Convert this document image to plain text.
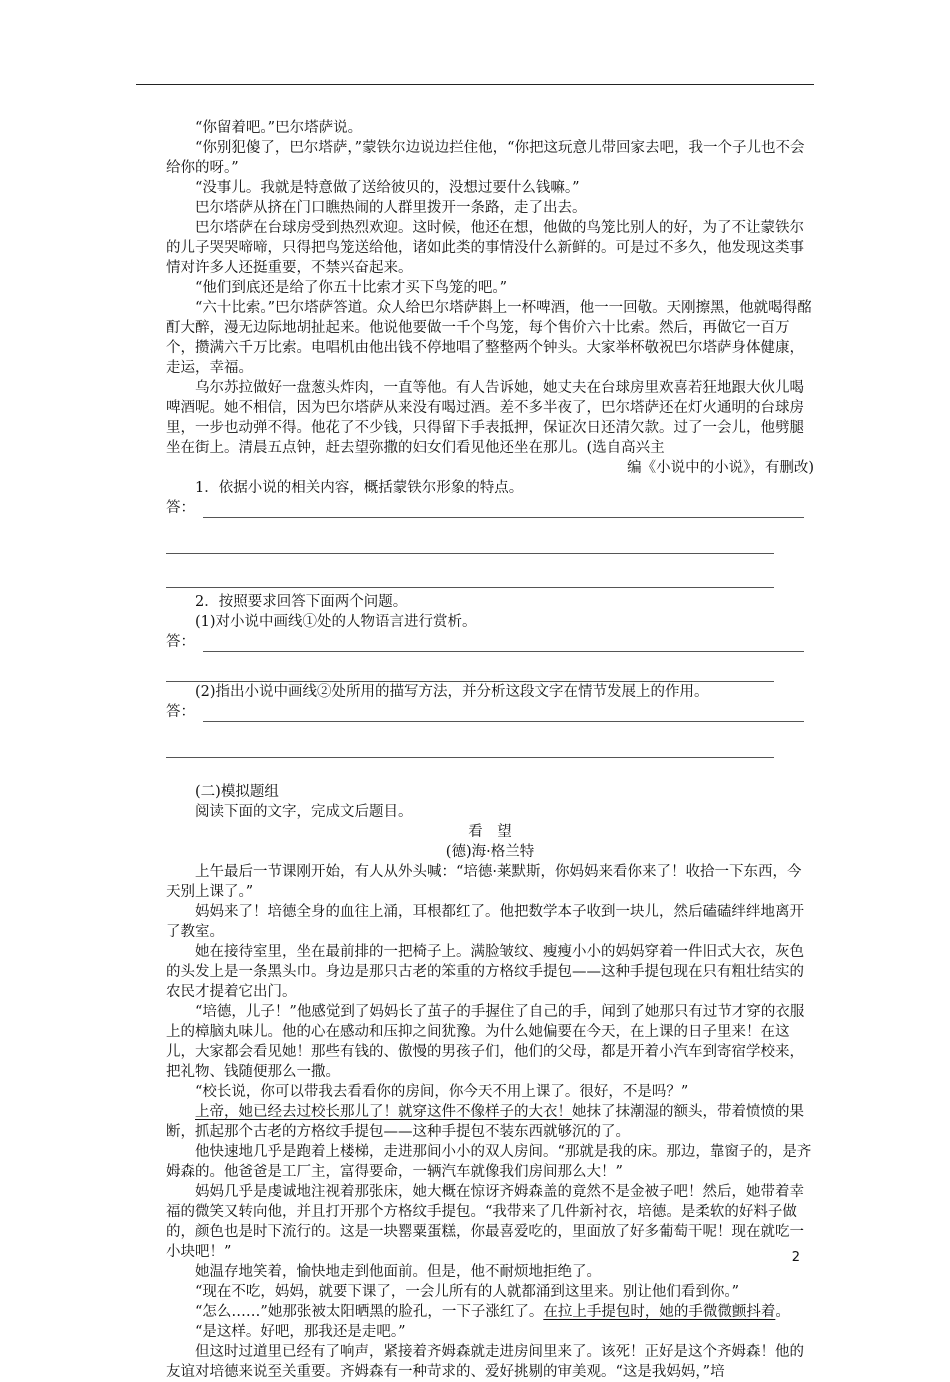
“你留着吧。”巴尔塔萨说。

“你别犯傻了，巴尔塔萨，”蒙铁尔边说边拦住他，“你把这玩意儿带回家去吧，我一个子儿也不会给你的呀。”

“没事儿。我就是特意做了送给彼贝的，没想过要什么钱嘛。”

巴尔塔萨从挤在门口瞧热闹的人群里拨开一条路，走了出去。

巴尔塔萨在台球房受到热烈欢迎。这时候，他还在想，他做的鸟笼比别人的好，为了不让蒙铁尔的儿子哭哭啼啼，只得把鸟笼送给他，诸如此类的事情没什么新鲜的。可是过不多久，他发现这类事情对许多人还挺重要，不禁兴奋起来。

“他们到底还是给了你五十比索才买下鸟笼的吧。”

“六十比索。”巴尔塔萨答道。众人给巴尔塔萨斟上一杯啤酒，他一一回敬。天刚擦黑，他就喝得酩酊大醉，漫无边际地胡扯起来。他说他要做一千个鸟笼，每个售价六十比索。然后，再做它一百万个，攒满六千万比索。电唱机由他出钱不停地唱了整整两个钟头。大家举杯敬祝巴尔塔萨身体健康，走运，幸福。

乌尔苏拉做好一盘葱头炸肉，一直等他。有人告诉她，她丈夫在台球房里欢喜若狂地跟大伙儿喝啤酒呢。她不相信，因为巴尔塔萨从来没有喝过酒。差不多半夜了，巴尔塔萨还在灯火通明的台球房里，一步也动弹不得。他花了不少钱，只得留下手表抵押，保证次日还清欠款。过了一会儿，他劈腿坐在街上。清晨五点钟，赶去望弥撒的妇女们看见他还坐在那儿。(选自高兴主

编《小说中的小说》，有删改)

1．依据小说的相关内容，概括蒙铁尔形象的特点。

答：

2．按照要求回答下面两个问题。

(1)对小说中画线①处的人物语言进行赏析。

答：

(2)指出小说中画线②处所用的描写方法，并分析这段文字在情节发展上的作用。

答：

(二)模拟题组

阅读下面的文字，完成文后题目。

看　望

(德)海·格兰特

上午最后一节课刚开始，有人从外头喊：“培德·莱默斯，你妈妈来看你来了！收拾一下东西，今天别上课了。”

妈妈来了！培德全身的血往上涌，耳根都红了。他把数学本子收到一块儿，然后磕磕绊绊地离开了教室。

她在接待室里，坐在最前排的一把椅子上。满脸皱纹、瘦瘦小小的妈妈穿着一件旧式大衣，灰色的头发上是一条黑头巾。身边是那只古老的笨重的方格纹手提包——这种手提包现在只有粗壮结实的农民才提着它出门。

“培德，儿子！”他感觉到了妈妈长了茧子的手握住了自己的手，闻到了她那只有过节才穿的衣服上的樟脑丸味儿。他的心在感动和压抑之间犹豫。为什么她偏要在今天，在上课的日子里来！在这儿，大家都会看见她！那些有钱的、傲慢的男孩子们，他们的父母，都是开着小汽车到寄宿学校来，把礼物、钱随便那么一撒。

“校长说，你可以带我去看看你的房间，你今天不用上课了。很好，不是吗？”

上帝，她已经去过校长那儿了！就穿这件不像样子的大衣！她抹了抹潮湿的额头，带着愤愤的果断，抓起那个古老的方格纹手提包——这种手提包不装东西就够沉的了。

他快速地几乎是跑着上楼梯，走进那间小小的双人房间。“那就是我的床。那边，靠窗子的，是齐姆森的。他爸爸是工厂主，富得要命，一辆汽车就像我们房间那么大！”

妈妈几乎是虔诚地注视着那张床，她大概在惊讶齐姆森盖的竟然不是金被子吧！然后，她带着幸福的微笑又转向他，并且打开那个方格纹手提包。“我带来了几件新衬衣，培德。是柔软的好料子做的，颜色也是时下流行的。这是一块罂粟蛋糕，你最喜爱吃的，里面放了好多葡萄干呢！现在就吃一小块吧！”

她温存地笑着，愉快地走到他面前。但是，他不耐烦地拒绝了。

“现在不吃，妈妈，就要下课了，一会儿所有的人就都涌到这里来。别让他们看到你。”

“怎么……”她那张被太阳晒黑的脸孔，一下子涨红了。在拉上手提包时，她的手微微颤抖着。

“是这样。好吧，那我还是走吧。”

但这时过道里已经有了响声，紧接着齐姆森就走进房间里来了。该死！正好是这个齐姆森！他的友谊对培德来说至关重要。齐姆森有一种苛求的、爱好挑剔的审美观。“这是我妈妈，”培

2
